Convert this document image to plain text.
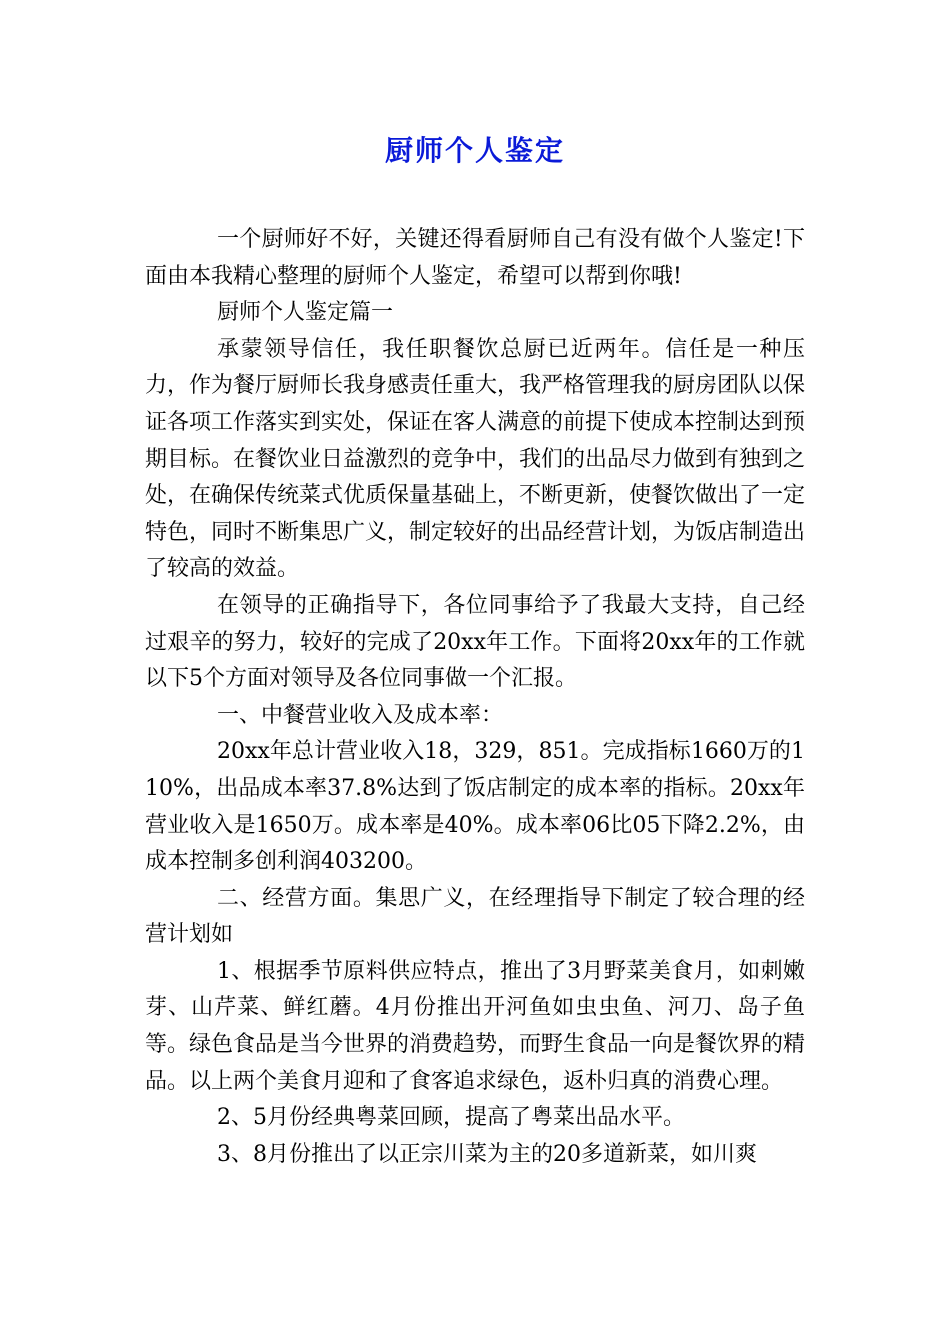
厨师个人鉴定

一个厨师好不好，关键还得看厨师自己有没有做个人鉴定!下面由本我精心整理的厨师个人鉴定，希望可以帮到你哦!

厨师个人鉴定篇一

承蒙领导信任，我任职餐饮总厨已近两年。信任是一种压力，作为餐厅厨师长我身感责任重大，我严格管理我的厨房团队以保证各项工作落实到实处，保证在客人满意的前提下使成本控制达到预期目标。在餐饮业日益激烈的竞争中，我们的出品尽力做到有独到之处，在确保传统菜式优质保量基础上，不断更新，使餐饮做出了一定特色，同时不断集思广义，制定较好的出品经营计划，为饭店制造出了较高的效益。

在领导的正确指导下，各位同事给予了我最大支持，自己经过艰辛的努力，较好的完成了20xx年工作。下面将20xx年的工作就以下5个方面对领导及各位同事做一个汇报。

一、中餐营业收入及成本率：

20xx年总计营业收入18，329，851。完成指标1660万的110%，出品成本率37.8%达到了饭店制定的成本率的指标。20xx年营业收入是1650万。成本率是40%。成本率06比05下降2.2%，由成本控制多创利润403200。

二、经营方面。集思广义，在经理指导下制定了较合理的经营计划如

1、根据季节原料供应特点，推出了3月野菜美食月，如刺嫩芽、山芹菜、鲜红蘑。4月份推出开河鱼如虫虫鱼、河刀、岛子鱼等。绿色食品是当今世界的消费趋势，而野生食品一向是餐饮界的精品。以上两个美食月迎和了食客追求绿色，返朴归真的消费心理。

2、5月份经典粤菜回顾，提高了粤菜出品水平。

3、8月份推出了以正宗川菜为主的20多道新菜，如川爽
